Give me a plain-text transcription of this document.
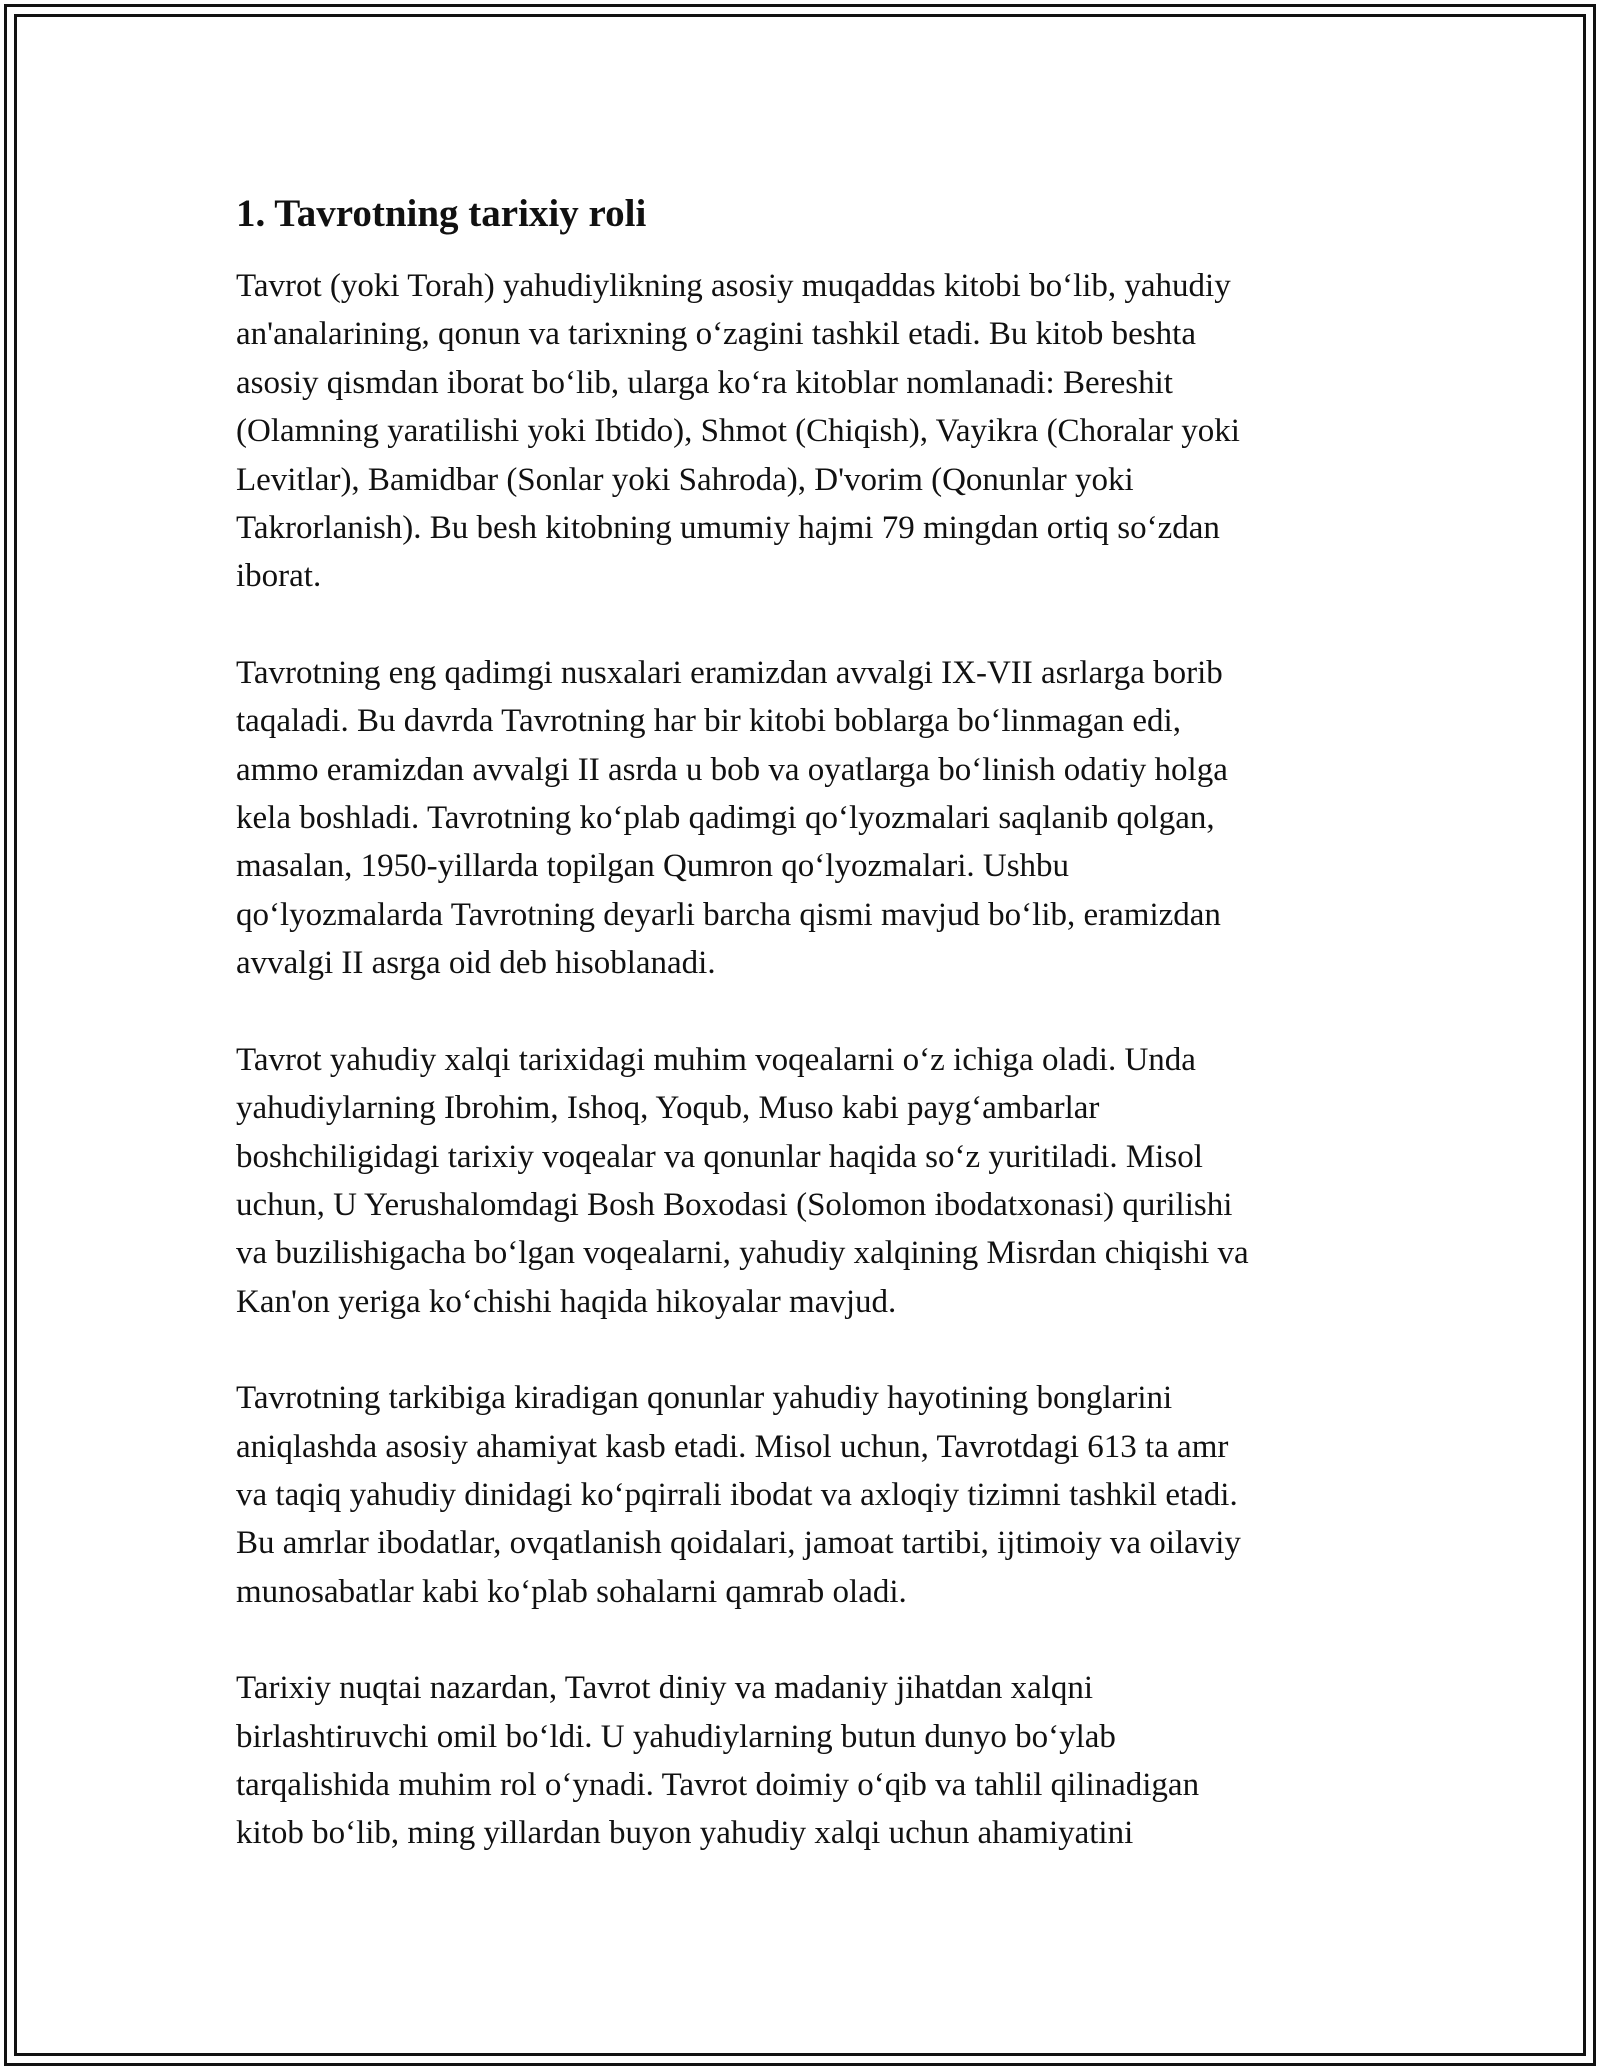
1. Tavrotning tarixiy roli

Tavrot (yoki Torah) yahudiylikning asosiy muqaddas kitobi bo‘lib, yahudiy
an'analarining, qonun va tarixning o‘zagini tashkil etadi. Bu kitob beshta
asosiy qismdan iborat bo‘lib, ularga ko‘ra kitoblar nomlanadi: Bereshit
(Olamning yaratilishi yoki Ibtido), Shmot (Chiqish), Vayikra (Choralar yoki
Levitlar), Bamidbar (Sonlar yoki Sahroda), D'vorim (Qonunlar yoki
Takrorlanish). Bu besh kitobning umumiy hajmi 79 mingdan ortiq so‘zdan
iborat.

Tavrotning eng qadimgi nusxalari eramizdan avvalgi IX-VII asrlarga borib
taqaladi. Bu davrda Tavrotning har bir kitobi boblarga bo‘linmagan edi,
ammo eramizdan avvalgi II asrda u bob va oyatlarga bo‘linish odatiy holga
kela boshladi. Tavrotning ko‘plab qadimgi qo‘lyozmalari saqlanib qolgan,
masalan, 1950-yillarda topilgan Qumron qo‘lyozmalari. Ushbu
qo‘lyozmalarda Tavrotning deyarli barcha qismi mavjud bo‘lib, eramizdan
avvalgi II asrga oid deb hisoblanadi.

Tavrot yahudiy xalqi tarixidagi muhim voqealarni o‘z ichiga oladi. Unda
yahudiylarning Ibrohim, Ishoq, Yoqub, Muso kabi payg‘ambarlar
boshchiligidagi tarixiy voqealar va qonunlar haqida so‘z yuritiladi. Misol
uchun, U Yerushalomdagi Bosh Boxodasi (Solomon ibodatxonasi) qurilishi
va buzilishigacha bo‘lgan voqealarni, yahudiy xalqining Misrdan chiqishi va
Kan'on yeriga ko‘chishi haqida hikoyalar mavjud.

Tavrotning tarkibiga kiradigan qonunlar yahudiy hayotining bonglarini
aniqlashda asosiy ahamiyat kasb etadi. Misol uchun, Tavrotdagi 613 ta amr
va taqiq yahudiy dinidagi ko‘pqirrali ibodat va axloqiy tizimni tashkil etadi.
Bu amrlar ibodatlar, ovqatlanish qoidalari, jamoat tartibi, ijtimoiy va oilaviy
munosabatlar kabi ko‘plab sohalarni qamrab oladi.

Tarixiy nuqtai nazardan, Tavrot diniy va madaniy jihatdan xalqni
birlashtiruvchi omil bo‘ldi. U yahudiylarning butun dunyo bo‘ylab
tarqalishida muhim rol o‘ynadi. Tavrot doimiy o‘qib va tahlil qilinadigan
kitob bo‘lib, ming yillardan buyon yahudiy xalqi uchun ahamiyatini
